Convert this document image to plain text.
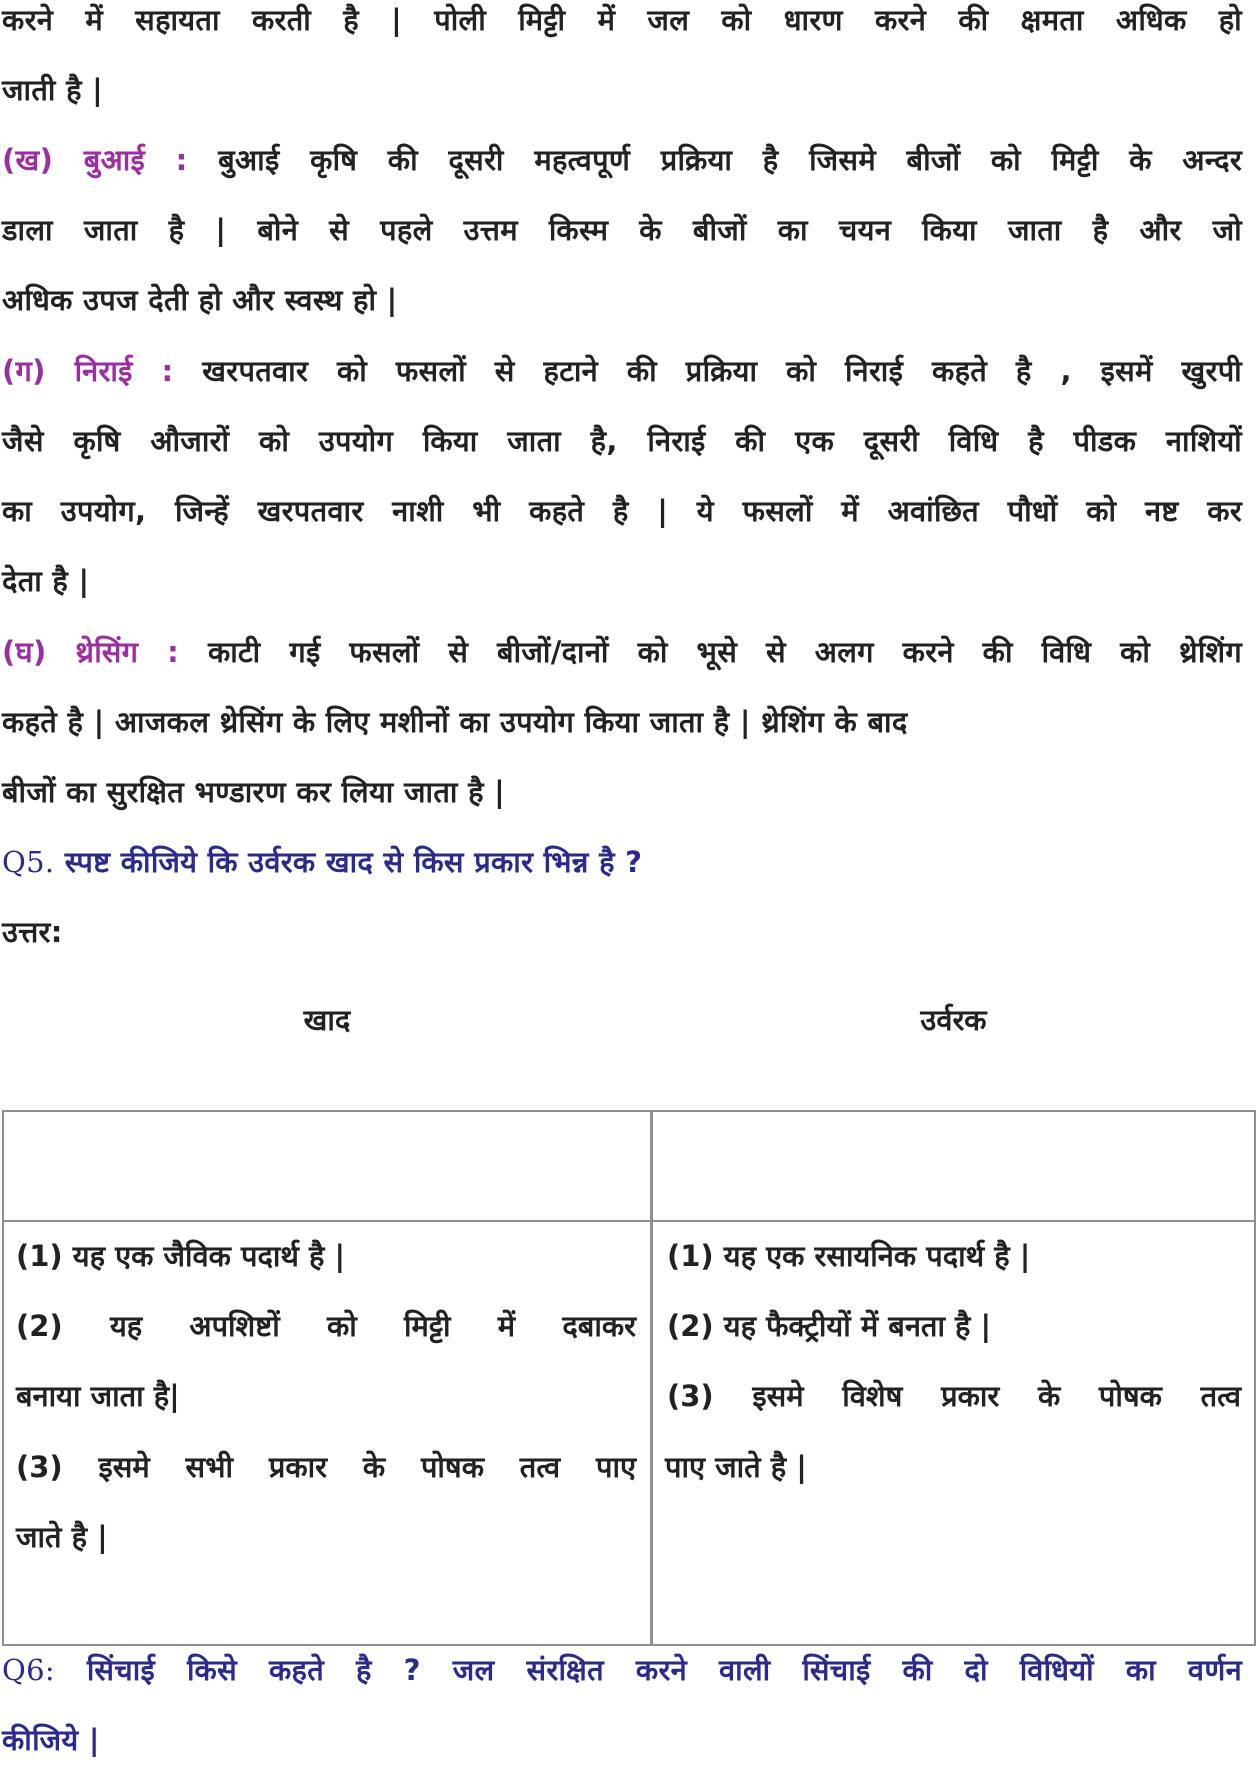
करने में सहायता करती है | पोली मिट्टी में जल को धारण करने की क्षमता अधिक हो
जाती है |
(ख) बुआई : बुआई कृषि की दूसरी महत्वपूर्ण प्रक्रिया है जिसमे बीजों को मिट्टी के अन्दर
डाला जाता है | बोने से पहले उत्तम किस्म के बीजों का चयन किया जाता है और जो
अधिक उपज देती हो और स्वस्थ हो |
(ग) निराई : खरपतवार को फसलों से हटाने की प्रक्रिया को निराई कहते है , इसमें खुरपी
जैसे कृषि औजारों को उपयोग किया जाता है, निराई की एक दूसरी विधि है पीडक नाशियों
का उपयोग, जिन्हें खरपतवार नाशी भी कहते है | ये फसलों में अवांछित पौधों को नष्ट कर
देता है |
(घ) थ्रेसिंग : काटी गई फसलों से बीजों/दानों को भूसे से अलग करने की विधि को थ्रेशिंग
कहते है | आजकल थ्रेसिंग के लिए मशीनों का उपयोग किया जाता है | थ्रेशिंग के बाद
बीजों का सुरक्षित भण्डारण कर लिया जाता है |
Q5. स्पष्ट कीजिये कि उर्वरक खाद से किस प्रकार भिन्न है ?
उत्तर:
खाद	उर्वरक
(1) यह एक जैविक पदार्थ है |
(2) यह अपशिष्टों को मिट्टी में दबाकर
बनाया जाता है|
(3) इसमे सभी प्रकार के पोषक तत्व पाए
जाते है |
(1) यह एक रसायनिक पदार्थ है |
(2) यह फैक्ट्रीयों में बनता है |
(3) इसमे विशेष प्रकार के पोषक तत्व
पाए जाते है |
Q6: सिंचाई किसे कहते है ? जल संरक्षित करने वाली सिंचाई की दो विधियों का वर्णन
कीजिये |
